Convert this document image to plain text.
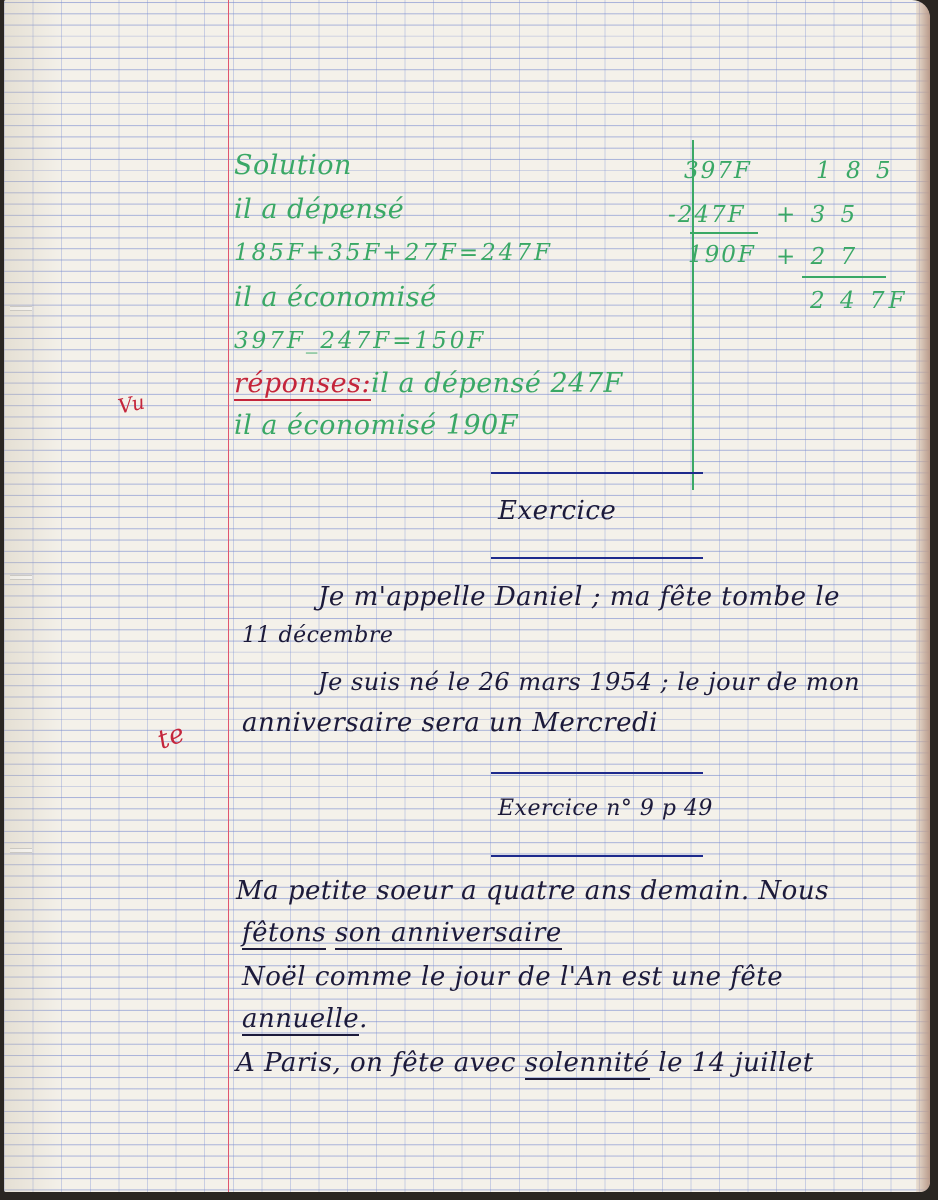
Solution
il a dépensé
185F+35F+27F=247F
il a économisé
397F_247F=150F
réponses:il a dépensé 247F
il a économisé 190F
397F
-247F
190F
1 8 5
+ 3 5
+ 2 7
2 4 7F
Vu
te
Exercice
Je m'appelle Daniel ; ma fête tombe le
11 décembre
Je suis né le 26 mars 1954 ; le jour de mon
anniversaire sera un Mercredi
Exercice n° 9 p 49
Ma petite soeur a quatre ans demain. Nous
fêtons son anniversaire
Noël comme le jour de l'An est une fête
annuelle.
A Paris, on fête avec solennité le 14 juillet
